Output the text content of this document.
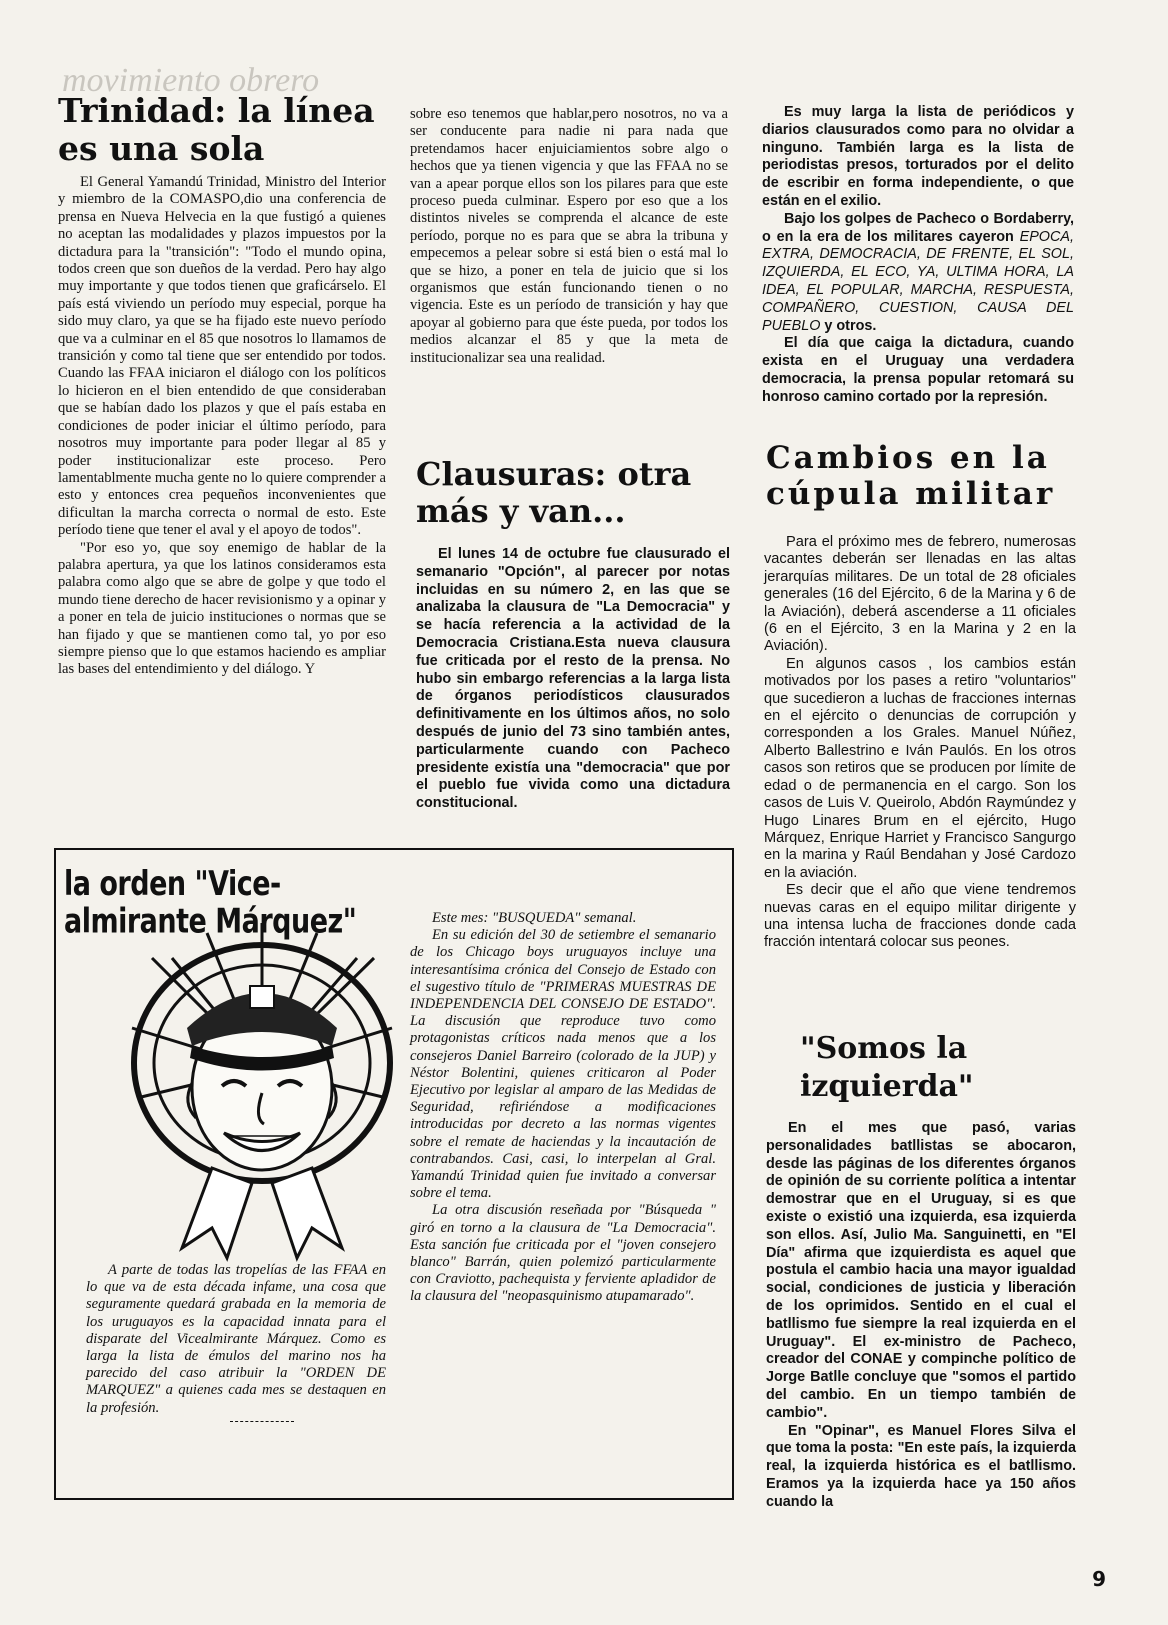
movimiento obrero
Trinidad: la línea es una sola

El General Yamandú Trinidad, Ministro del Interior y miembro de la COMASPO,dio una conferencia de prensa en Nueva Helvecia en la que fustigó a quienes no aceptan las modalidades y plazos impuestos por la dictadura para la "transición": "Todo el mundo opina, todos creen que son dueños de la verdad. Pero hay algo muy importante y que todos tienen que graficárselo. El país está viviendo un período muy especial, porque ha sido muy claro, ya que se ha fijado este nuevo período que va a culminar en el 85 que nosotros lo llamamos de transición y como tal tiene que ser entendido por todos. Cuando las FFAA iniciaron el diálogo con los políticos lo hicieron en el bien entendido de que consideraban que se habían dado los plazos y que el país estaba en condiciones de poder iniciar el último período, para nosotros muy importante para poder llegar al 85 y poder institucionalizar este proceso. Pero lamentablmente mucha gente no lo quiere comprender a esto y entonces crea pequeños inconvenientes que dificultan la marcha correcta o normal de esto. Este período tiene que tener el aval y el apoyo de todos".

"Por eso yo, que soy enemigo de hablar de la palabra apertura, ya que los latinos consideramos esta palabra como algo que se abre de golpe y que todo el mundo tiene derecho de hacer revisionismo y a opinar y a poner en tela de juicio instituciones o normas que se han fijado y que se mantienen como tal, yo por eso siempre pienso que lo que estamos haciendo es ampliar las bases del entendimiento y del diálogo. Y

sobre eso tenemos que hablar,pero nosotros, no va a ser conducente para nadie ni para nada que pretendamos hacer enjuiciamientos sobre algo o hechos que ya tienen vigencia y que las FFAA no se van a apear porque ellos son los pilares para que este proceso pueda culminar. Espero por eso que a los distintos niveles se comprenda el alcance de este período, porque no es para que se abra la tribuna y empecemos a pelear sobre si está bien o está mal lo que se hizo, a poner en tela de juicio que si los organismos que están funcionando tienen o no vigencia. Este es un período de transición y hay que apoyar al gobierno para que éste pueda, por todos los medios alcanzar el 85 y que la meta de institucionalizar sea una realidad.

Clausuras: otra más y van...

El lunes 14 de octubre fue clausurado el semanario "Opción", al parecer por notas incluidas en su número 2, en las que se analizaba la clausura de "La Democracia" y se hacía referencia a la actividad de la Democracia Cristiana.Esta nueva clausura fue criticada por el resto de la prensa. No hubo sin embargo referencias a la larga lista de órganos periodísticos clausurados definitivamente en los últimos años, no solo después de junio del 73 sino también antes, particularmente cuando con Pacheco presidente existía una "democracia" que por el pueblo fue vivida como una dictadura constitucional.

Es muy larga la lista de periódicos y diarios clausurados como para no olvidar a ninguno. También larga es la lista de periodistas presos, torturados por el delito de escribir en forma independiente, o que están en el exilio.

Bajo los golpes de Pacheco o Bordaberry, o en la era de los militares cayeron EPOCA, EXTRA, DEMOCRACIA, DE FRENTE, EL SOL, IZQUIERDA, EL ECO, YA, ULTIMA HORA, LA IDEA, EL POPULAR, MARCHA, RESPUESTA, COMPAÑERO, CUESTION, CAUSA DEL PUEBLO y otros.

El día que caiga la dictadura, cuando exista en el Uruguay una verdadera democracia, la prensa popular retomará su honroso camino cortado por la represión.

Cambios en la cúpula militar

Para el próximo mes de febrero, numerosas vacantes deberán ser llenadas en las altas jerarquías militares. De un total de 28 oficiales generales (16 del Ejército, 6 de la Marina y 6 de la Aviación), deberá ascenderse a 11 oficiales (6 en el Ejército, 3 en la Marina y 2 en la Aviación).

En algunos casos , los cambios están motivados por los pases a retiro "voluntarios" que sucedieron a luchas de fracciones internas en el ejército o denuncias de corrupción y corresponden a los Grales. Manuel Núñez, Alberto Ballestrino e Iván Paulós. En los otros casos son retiros que se producen por límite de edad o de permanencia en el cargo. Son los casos de Luis V. Queirolo, Abdón Raymúndez y Hugo Linares Brum en el ejército, Hugo Márquez, Enrique Harriet y Francisco Sangurgo en la marina y Raúl Bendahan y José Cardozo en la aviación.

Es decir que el año que viene tendremos nuevas caras en el equipo militar dirigente y una intensa lucha de fracciones donde cada fracción intentará colocar sus peones.

"Somos la izquierda"

En el mes que pasó, varias personalidades batllistas se abocaron, desde las páginas de los diferentes órganos de opinión de su corriente política a intentar demostrar que en el Uruguay, si es que existe o existió una izquierda, esa izquierda son ellos. Así, Julio Ma. Sanguinetti, en "El Día" afirma que izquierdista es aquel que postula el cambio hacia una mayor igualdad social, condiciones de justicia y liberación de los oprimidos. Sentido en el cual el batllismo fue siempre la real izquierda en el Uruguay". El ex-ministro de Pacheco, creador del CONAE y compinche político de Jorge Batlle concluye que "somos el partido del cambio. En un tiempo también de cambio".

En "Opinar", es Manuel Flores Silva el que toma la posta: "En este país, la izquierda real, la izquierda histórica es el batllismo. Eramos ya la izquierda hace ya 150 años cuando la

la orden "Vice-almirante Márquez"

A parte de todas las tropelías de las FFAA en lo que va de esta década infame, una cosa que seguramente quedará grabada en la memoria de los uruguayos es la capacidad innata para el disparate del Vicealmirante Márquez. Como es larga la lista de émulos del marino nos ha parecido del caso atribuir la "ORDEN DE MARQUEZ" a quienes cada mes se destaquen en la profesión.

Este mes: "BUSQUEDA" semanal.

En su edición del 30 de setiembre el semanario de los Chicago boys uruguayos incluye una interesantísima crónica del Consejo de Estado con el sugestivo título de "PRIMERAS MUESTRAS DE INDEPENDENCIA DEL CONSEJO DE ESTADO". La discusión que reproduce tuvo como protagonistas críticos nada menos que a los consejeros Daniel Barreiro (colorado de la JUP) y Néstor Bolentini, quienes criticaron al Poder Ejecutivo por legislar al amparo de las Medidas de Seguridad, refiriéndose a modificaciones introducidas por decreto a las normas vigentes sobre el remate de haciendas y la incautación de contrabandos. Casi, casi, lo interpelan al Gral. Yamandú Trinidad quien fue invitado a conversar sobre el tema.

La otra discusión reseñada por "Búsqueda " giró en torno a la clausura de "La Democracia". Esta sanción fue criticada por el "joven consejero blanco" Barrán, quien polemizó particularmente con Craviotto, pachequista y ferviente apladidor de la clausura del "neopasquinismo atupamarado".

9
